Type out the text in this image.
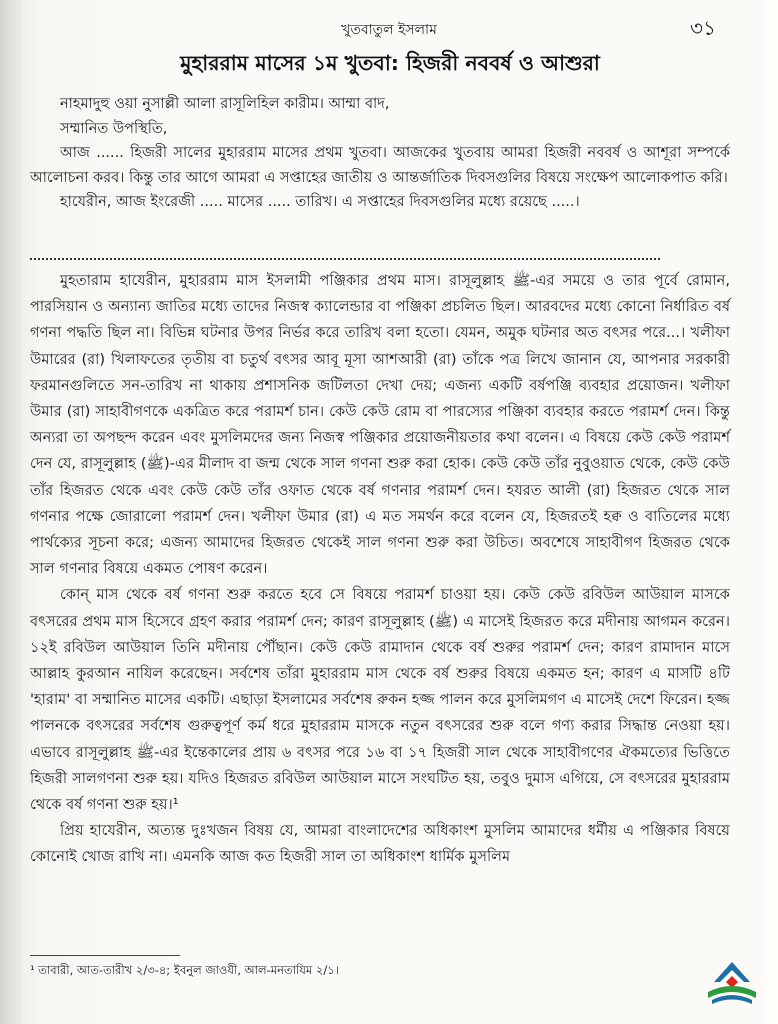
খুতবাতুল ইসলাম	৩১
মুহাররাম মাসের ১ম খুতবা: হিজরী নববর্ষ ও আশুরা

নাহমাদুহু ওয়া নুসাল্লী আলা রাসূলিহিল কারীম। আম্মা বাদ,

সম্মানিত উপস্থিতি,

আজ ...... হিজরী সালের মুহাররাম মাসের প্রথম খুতবা। আজকের খুতবায় আমরা হিজরী নববর্ষ ও আশূরা সম্পর্কে আলোচনা করব। কিন্তু তার আগে আমরা এ সপ্তাহের জাতীয় ও আন্তর্জাতিক দিবসগুলির বিষয়ে সংক্ষেপ আলোকপাত করি।

হাযেরীন, আজ ইংরেজী ..... মাসের ..... তারিখ। এ সপ্তাহের দিবসগুলির মধ্যে রয়েছে .....।

মুহতারাম হাযেরীন, মুহাররাম মাস ইসলামী পঞ্জিকার প্রথম মাস। রাসূলুল্লাহ ﷺ-এর সময়ে ও তার পূর্বে রোমান, পারসিয়ান ও অন্যান্য জাতির মধ্যে তাদের নিজস্ব ক্যালেন্ডার বা পঞ্জিকা প্রচলিত ছিল। আরবদের মধ্যে কোনো নির্ধারিত বর্ষ গণনা পদ্ধতি ছিল না। বিভিন্ন ঘটনার উপর নির্ভর করে তারিখ বলা হতো। যেমন, অমুক ঘটনার অত বৎসর পরে...। খলীফা উমারের (রা) খিলাফতের তৃতীয় বা চতুর্থ বৎসর আবূ মূসা আশআরী (রা) তাঁকে পত্র লিখে জানান যে, আপনার সরকারী ফরমানগুলিতে সন-তারিখ না থাকায় প্রশাসনিক জটিলতা দেখা দেয়; এজন্য একটি বর্ষপঞ্জি ব্যবহার প্রয়োজন। খলীফা উমার (রা) সাহাবীগণকে একত্রিত করে পরামর্শ চান। কেউ কেউ রোম বা পারস্যের পঞ্জিকা ব্যবহার করতে পরামর্শ দেন। কিন্তু অন্যরা তা অপছন্দ করেন এবং মুসলিমদের জন্য নিজস্ব পঞ্জিকার প্রয়োজনীয়তার কথা বলেন। এ বিষয়ে কেউ কেউ পরামর্শ দেন যে, রাসূলুল্লাহ (ﷺ)-এর মীলাদ বা জন্ম থেকে সাল গণনা শুরু করা হোক। কেউ কেউ তাঁর নুবুওয়াত থেকে, কেউ কেউ তাঁর হিজরত থেকে এবং কেউ কেউ তাঁর ওফাত থেকে বর্ষ গণনার পরামর্শ দেন। হযরত আলী (রা) হিজরত থেকে সাল গণনার পক্ষে জোরালো পরামর্শ দেন। খলীফা উমার (রা) এ মত সমর্থন করে বলেন যে, হিজরতই হক্ব ও বাতিলের মধ্যে পার্থক্যের সূচনা করে; এজন্য আমাদের হিজরত থেকেই সাল গণনা শুরু করা উচিত। অবশেষে সাহাবীগণ হিজরত থেকে সাল গণনার বিষয়ে একমত পোষণ করেন।

কোন্ মাস থেকে বর্ষ গণনা শুরু করতে হবে সে বিষয়ে পরামর্শ চাওয়া হয়। কেউ কেউ রবিউল আউয়াল মাসকে বৎসরের প্রথম মাস হিসেবে গ্রহণ করার পরামর্শ দেন; কারণ রাসূলুল্লাহ (ﷺ) এ মাসেই হিজরত করে মদীনায় আগমন করেন। ১২ই রবিউল আউয়াল তিনি মদীনায় পৌঁছান। কেউ কেউ রামাদান থেকে বর্ষ শুরুর পরামর্শ দেন; কারণ রামাদান মাসে আল্লাহ কুরআন নাযিল করেছেন। সর্বশেষ তাঁরা মুহাররাম মাস থেকে বর্ষ শুরুর বিষয়ে একমত হন; কারণ এ মাসটি ৪টি 'হারাম' বা সম্মানিত মাসের একটি। এছাড়া ইসলামের সর্বশেষ রুকন হজ্জ পালন করে মুসলিমগণ এ মাসেই দেশে ফিরেন। হজ্জ পালনকে বৎসরের সর্বশেষ গুরুত্বপূর্ণ কর্ম ধরে মুহাররাম মাসকে নতুন বৎসরের শুরু বলে গণ্য করার সিদ্ধান্ত নেওয়া হয়। এভাবে রাসূলুল্লাহ ﷺ-এর ইন্তেকালের প্রায় ৬ বৎসর পরে ১৬ বা ১৭ হিজরী সাল থেকে সাহাবীগণের ঐকমত্যের ভিত্তিতে হিজরী সালগণনা শুরু হয়। যদিও হিজরত রবিউল আউয়াল মাসে সংঘটিত হয়, তবুও দুমাস এগিয়ে, সে বৎসরের মুহাররাম থেকে বর্ষ গণনা শুরু হয়।¹

প্রিয় হাযেরীন, অত্যন্ত দুঃখজন বিষয় যে, আমরা বাংলাদেশের অধিকাংশ মুসলিম আমাদের ধর্মীয় এ পঞ্জিকার বিষয়ে কোনোই খোজ রাখি না। এমনকি আজ কত হিজরী সাল তা অধিকাংশ ধার্মিক মুসলিম

¹ তাবারী, আত-তারীখ ২/৩-৪; ইবনুল জাওযী, আল-মনতাযিম ২/১।
